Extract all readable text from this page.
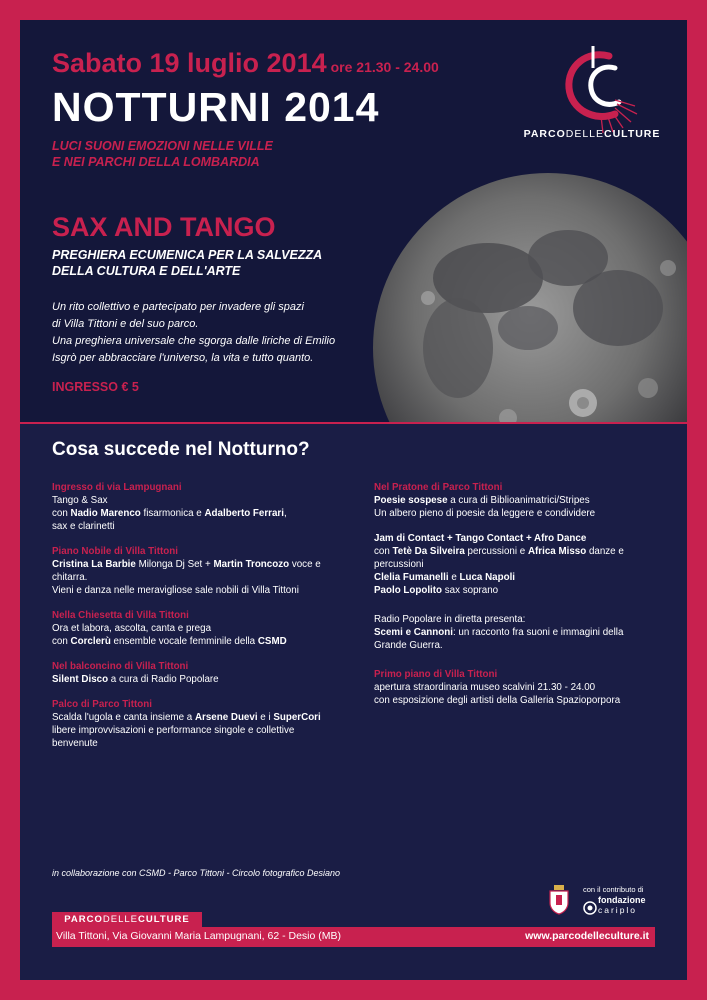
Sabato 19 luglio 2014 ore 21.30 - 24.00
NOTTURNI 2014
LUCI SUONI EMOZIONI NELLE VILLE
E NEI PARCHI DELLA LOMBARDIA
PARCODELLECULTURE
SAX AND TANGO
PREGHIERA ECUMENICA PER LA SALVEZZA
DELLA CULTURA E DELL'ARTE
Un rito collettivo e partecipato per invadere gli spazi
di Villa Tittoni e del suo parco.
Una preghiera universale che sgorga dalle liriche di Emilio
Isgrò per abbracciare l'universo, la vita e tutto quanto.
INGRESSO € 5
Cosa succede nel Notturno?
Ingresso di via Lampugnani
Tango & Sax
con Nadio Marenco fisarmonica e Adalberto Ferrari,
sax e clarinetti
Piano Nobile di Villa Tittoni
Cristina La Barbie Milonga Dj Set + Martin Troncozo voce e
chitarra.
Vieni e danza nelle meravigliose sale nobili di Villa Tittoni
Nella Chiesetta di Villa Tittoni
Ora et labora, ascolta, canta e prega
con Corclerù ensemble vocale femminile della CSMD
Nel balconcino di Villa Tittoni
Silent Disco a cura di Radio Popolare
Palco di Parco Tittoni
Scalda l'ugola e canta insieme a Arsene Duevi e i SuperCori
libere improvvisazioni e performance singole e collettive
benvenute
Nel Pratone di Parco Tittoni
Poesie sospese a cura di Biblioanimatrici/Stripes
Un albero pieno di poesie da leggere e condividere
Jam di Contact + Tango Contact + Afro Dance
con Tetè Da Silveira percussioni e Africa Misso danze e
percussioni
Clelia Fumanelli e Luca Napoli
Paolo Lopolito sax soprano
Radio Popolare in diretta presenta:
Scemi e Cannoni: un racconto fra suoni e immagini della
Grande Guerra.
Primo piano di Villa Tittoni
apertura straordinaria museo scalvini 21.30 - 24.00
con esposizione degli artisti della Galleria Spazioporpora
in collaborazione con CSMD - Parco Tittoni - Circolo fotografico Desiano
con il contributo di
fondazione
cariplo
PARCODELLECULTURE
Villa Tittoni, Via Giovanni Maria Lampugnani, 62 - Desio (MB)	www.parcodelleculture.it
